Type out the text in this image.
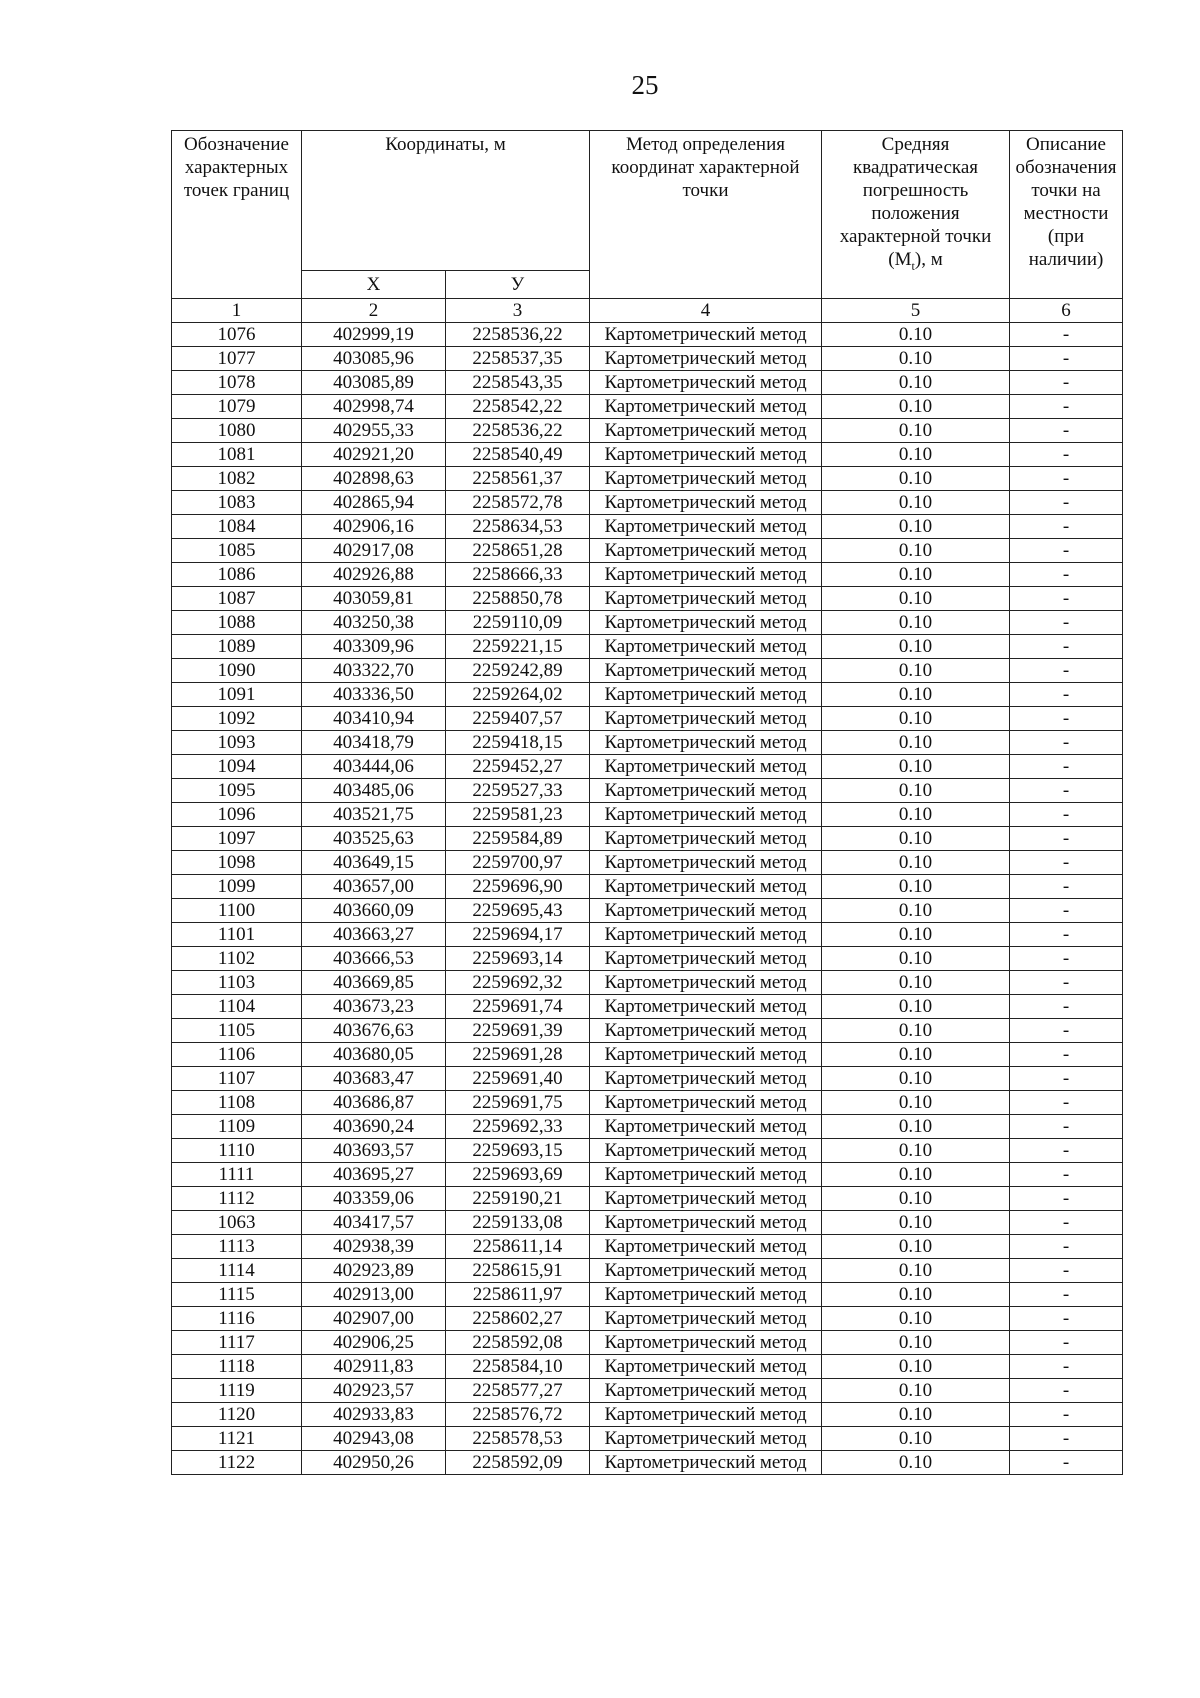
25
Обозначение характерных точек границ	Координаты, м		Метод определения координат характерной точки	Средняя квадратическая погрешность положения характерной точки $(M_t)$, м	Описание обозначения точки на местности (при наличии)
	Х	У			
1	2	3	4	5	6
1076	402999,19	2258536,22	Картометрический метод	0.10	-
1077	403085,96	2258537,35	Картометрический метод	0.10	-
1078	403085,89	2258543,35	Картометрический метод	0.10	-
1079	402998,74	2258542,22	Картометрический метод	0.10	-
1080	402955,33	2258536,22	Картометрический метод	0.10	-
1081	402921,20	2258540,49	Картометрический метод	0.10	-
1082	402898,63	2258561,37	Картометрический метод	0.10	-
1083	402865,94	2258572,78	Картометрический метод	0.10	-
1084	402906,16	2258634,53	Картометрический метод	0.10	-
1085	402917,08	2258651,28	Картометрический метод	0.10	-
1086	402926,88	2258666,33	Картометрический метод	0.10	-
1087	403059,81	2258850,78	Картометрический метод	0.10	-
1088	403250,38	2259110,09	Картометрический метод	0.10	-
1089	403309,96	2259221,15	Картометрический метод	0.10	-
1090	403322,70	2259242,89	Картометрический метод	0.10	-
1091	403336,50	2259264,02	Картометрический метод	0.10	-
1092	403410,94	2259407,57	Картометрический метод	0.10	-
1093	403418,79	2259418,15	Картометрический метод	0.10	-
1094	403444,06	2259452,27	Картометрический метод	0.10	-
1095	403485,06	2259527,33	Картометрический метод	0.10	-
1096	403521,75	2259581,23	Картометрический метод	0.10	-
1097	403525,63	2259584,89	Картометрический метод	0.10	-
1098	403649,15	2259700,97	Картометрический метод	0.10	-
1099	403657,00	2259696,90	Картометрический метод	0.10	-
1100	403660,09	2259695,43	Картометрический метод	0.10	-
1101	403663,27	2259694,17	Картометрический метод	0.10	-
1102	403666,53	2259693,14	Картометрический метод	0.10	-
1103	403669,85	2259692,32	Картометрический метод	0.10	-
1104	403673,23	2259691,74	Картометрический метод	0.10	-
1105	403676,63	2259691,39	Картометрический метод	0.10	-
1106	403680,05	2259691,28	Картометрический метод	0.10	-
1107	403683,47	2259691,40	Картометрический метод	0.10	-
1108	403686,87	2259691,75	Картометрический метод	0.10	-
1109	403690,24	2259692,33	Картометрический метод	0.10	-
1110	403693,57	2259693,15	Картометрический метод	0.10	-
1111	403695,27	2259693,69	Картометрический метод	0.10	-
1112	403359,06	2259190,21	Картометрический метод	0.10	-
1063	403417,57	2259133,08	Картометрический метод	0.10	-
1113	402938,39	2258611,14	Картометрический метод	0.10	-
1114	402923,89	2258615,91	Картометрический метод	0.10	-
1115	402913,00	2258611,97	Картометрический метод	0.10	-
1116	402907,00	2258602,27	Картометрический метод	0.10	-
1117	402906,25	2258592,08	Картометрический метод	0.10	-
1118	402911,83	2258584,10	Картометрический метод	0.10	-
1119	402923,57	2258577,27	Картометрический метод	0.10	-
1120	402933,83	2258576,72	Картометрический метод	0.10	-
1121	402943,08	2258578,53	Картометрический метод	0.10	-
1122	402950,26	2258592,09	Картометрический метод	0.10	-
